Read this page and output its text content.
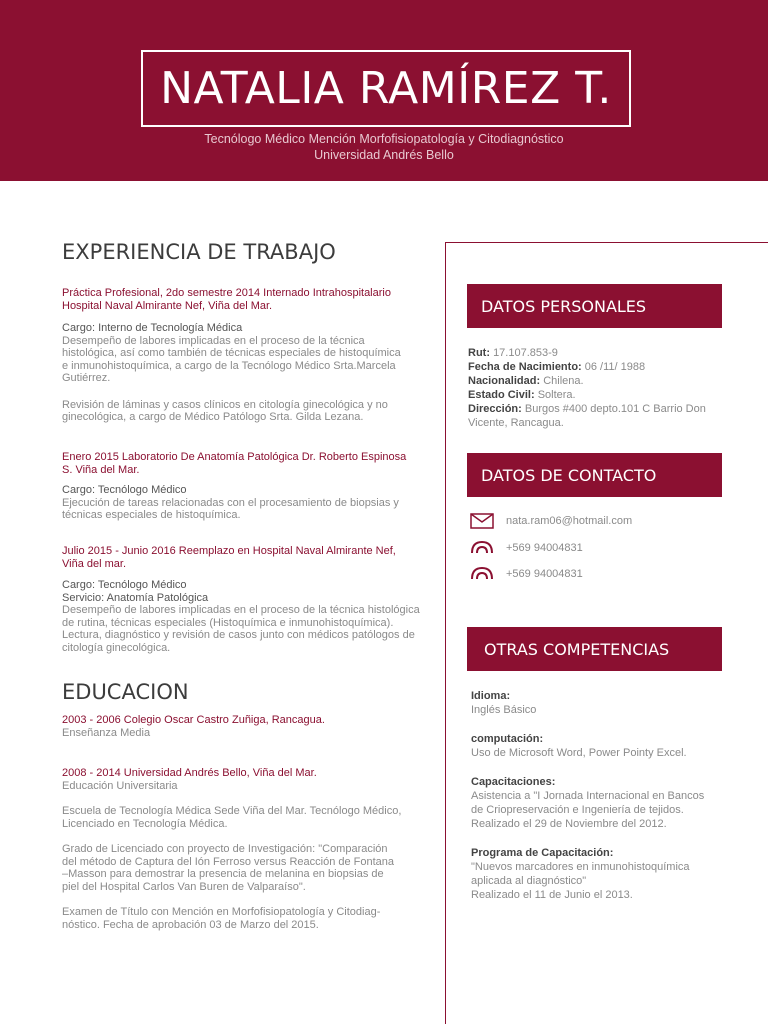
NATALIA RAMÍREZ T.
Tecnólogo Médico Mención Morfofisiopatología y Citodiagnóstico
Universidad Andrés Bello
EXPERIENCIA DE TRABAJO
Práctica Profesional, 2do semestre 2014 Internado Intrahospitalario
Hospital Naval Almirante Nef, Viña del Mar.
Cargo: Interno de Tecnología Médica
Desempeño de labores implicadas en el proceso de la técnica
histológica, así como también de técnicas especiales de histoquímica
e inmunohistoquímica, a cargo de la Tecnólogo Médico Srta.Marcela
Gutiérrez.
Revisión de láminas y casos clínicos en citología ginecológica y no
ginecológica, a cargo de Médico Patólogo Srta. Gilda Lezana.
Enero 2015 Laboratorio De Anatomía Patológica Dr. Roberto Espinosa
S. Viña del Mar.
Cargo: Tecnólogo Médico
Ejecución de tareas relacionadas con el procesamiento de biopsias y
técnicas especiales de histoquímica.
Julio 2015 - Junio 2016 Reemplazo en Hospital Naval Almirante Nef,
Viña del mar.
Cargo: Tecnólogo Médico
Servicio: Anatomía Patológica
Desempeño de labores implicadas en el proceso de la técnica histológica
de rutina, técnicas especiales (Histoquímica e inmunohistoquímica).
Lectura, diagnóstico y revisión de casos junto con médicos patólogos de
citología ginecológica.
EDUCACION
2003 - 2006 Colegio Oscar Castro Zuñiga, Rancagua.
Enseñanza Media
2008 - 2014 Universidad Andrés Bello, Viña del Mar.
Educación Universitaria
Escuela de Tecnología Médica Sede Viña del Mar. Tecnólogo Médico,
Licenciado en Tecnología Médica.
Grado de Licenciado con proyecto de Investigación: "Comparación
del método de Captura del Ión Ferroso versus Reacción de Fontana
–Masson para demostrar la presencia de melanina en biopsias de
piel del Hospital Carlos Van Buren de Valparaíso".
Examen de Título con Mención en Morfofisiopatología y Citodiag-
nóstico. Fecha de aprobación 03 de Marzo del 2015.
DATOS PERSONALES
Rut: 17.107.853-9
Fecha de Nacimiento: 06 /11/ 1988
Nacionalidad: Chilena.
Estado Civil: Soltera.
Dirección: Burgos #400 depto.101 C Barrio Don
Vicente, Rancagua.
DATOS DE CONTACTO
nata.ram06@hotmail.com
+569 94004831
+569 94004831
OTRAS COMPETENCIAS
Idioma:
Inglés Básico
computación:
Uso de Microsoft Word, Power Pointy Excel.
Capacitaciones:
Asistencia a "I Jornada Internacional en Bancos
de Criopreservación e Ingeniería de tejidos.
Realizado el 29 de Noviembre del 2012.
Programa de Capacitación:
"Nuevos marcadores en inmunohistoquímica
aplicada al diagnóstico"
Realizado el 11 de Junio el 2013.
